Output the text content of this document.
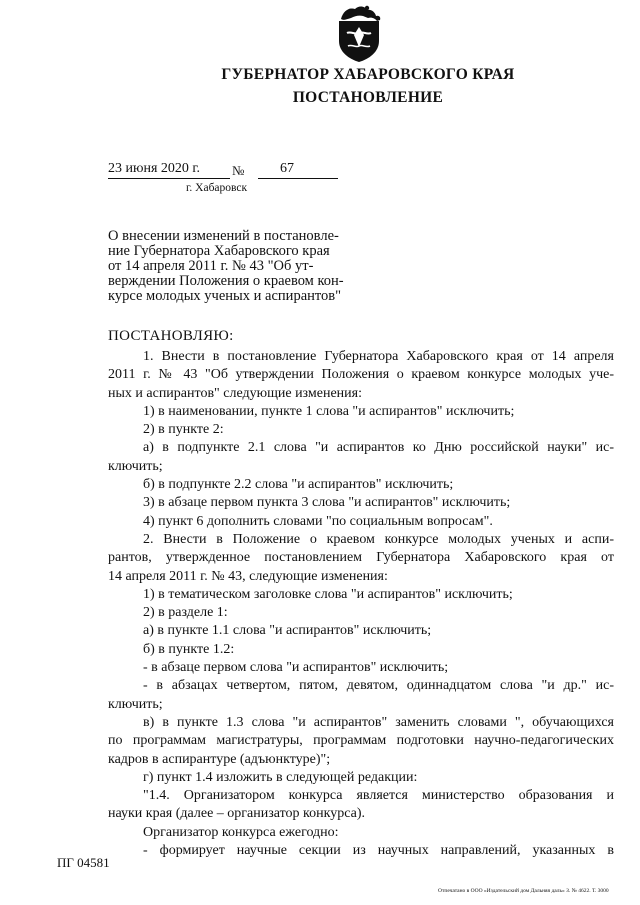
ГУБЕРНАТОР ХАБАРОВСКОГО КРАЯ
ПОСТАНОВЛЕНИЕ
23 июня 2020 г. №	67
г. Хабаровск
О внесении изменений в постановле-
ние Губернатора Хабаровского края
от 14 апреля 2011 г. № 43 "Об ут-
верждении Положения о краевом кон-
курсе молодых ученых и аспирантов"
ПОСТАНОВЛЯЮ:
1. Внести в постановление Губернатора Хабаровского края от 14 апреля
2011 г. № 43 "Об утверждении Положения о краевом конкурсе молодых уче-
ных и аспирантов" следующие изменения:
1) в наименовании, пункте 1 слова "и аспирантов" исключить;
2) в пункте 2:
а) в подпункте 2.1 слова "и аспирантов ко Дню российской науки" ис-
ключить;
б) в подпункте 2.2 слова "и аспирантов" исключить;
3) в абзаце первом пункта 3 слова "и аспирантов" исключить;
4) пункт 6 дополнить словами "по социальным вопросам".
2. Внести в Положение о краевом конкурсе молодых ученых и аспи-
рантов, утвержденное постановлением Губернатора Хабаровского края от
14 апреля 2011 г. № 43, следующие изменения:
1) в тематическом заголовке слова "и аспирантов" исключить;
2) в разделе 1:
а) в пункте 1.1 слова "и аспирантов" исключить;
б) в пункте 1.2:
- в абзаце первом слова "и аспирантов" исключить;
- в абзацах четвертом, пятом, девятом, одиннадцатом слова "и др." ис-
ключить;
в) в пункте 1.3 слова "и аспирантов" заменить словами ", обучающихся
по программам магистратуры, программам подготовки научно-педагогических
кадров в аспирантуре (адъюнктуре)";
г) пункт 1.4 изложить в следующей редакции:
"1.4. Организатором конкурса является министерство образования и
науки края (далее – организатор конкурса).
Организатор конкурса ежегодно:
- формирует научные секции из научных направлений, указанных в
ПГ 04581
Отпечатано в ООО «Издательский дом Дальняя даль» З. № 4622. Т. 3000
